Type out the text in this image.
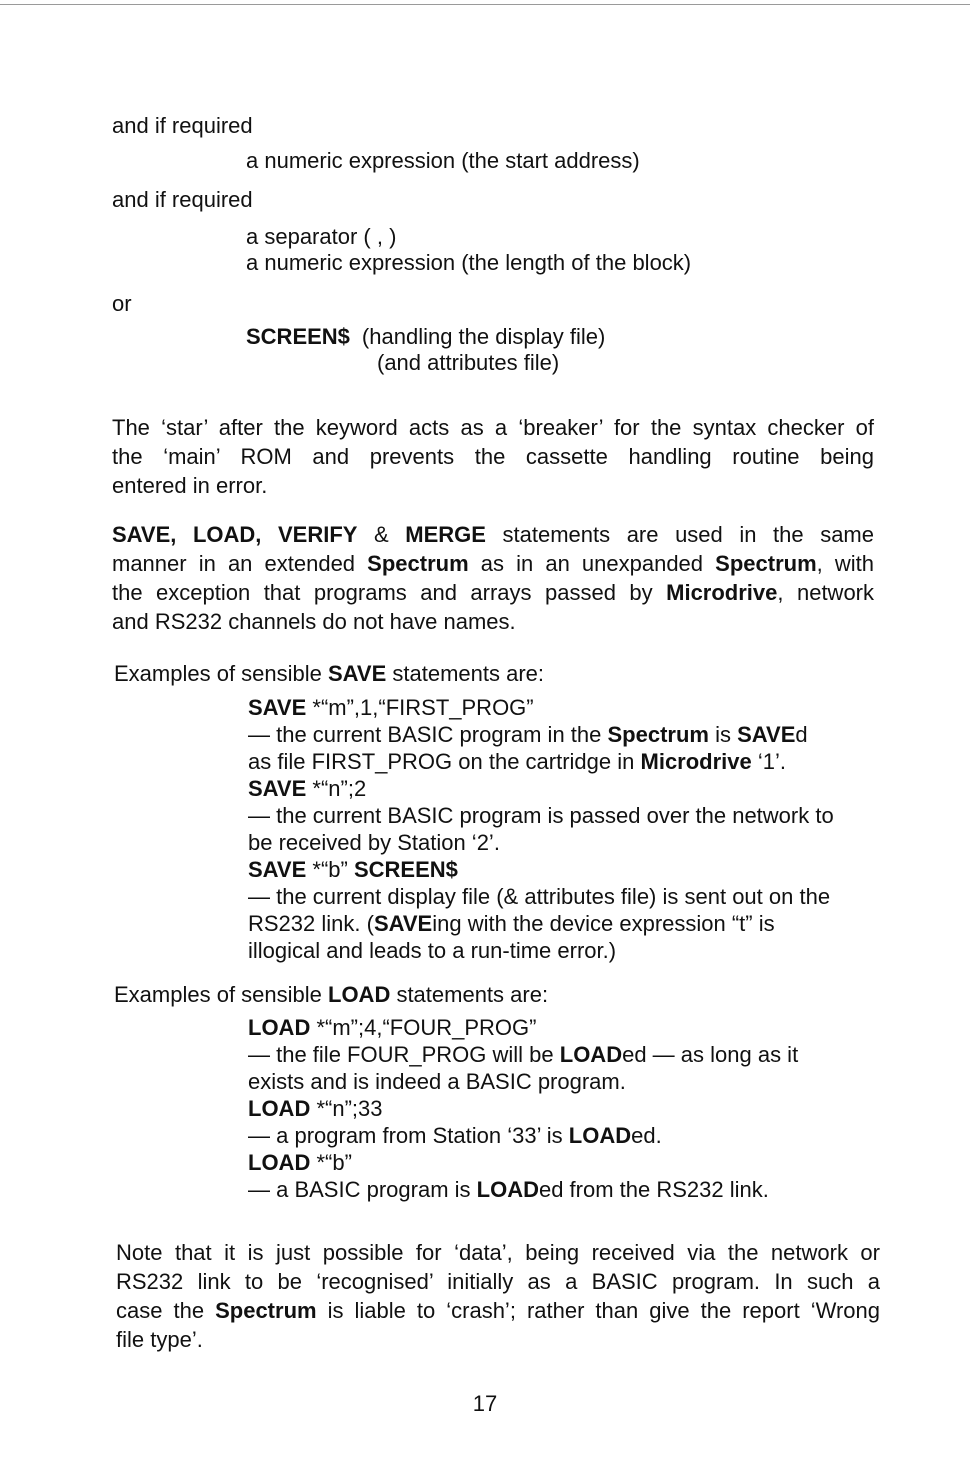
and if required
a numeric expression (the start address)
and if required
a separator ( , )
a numeric expression (the length of the block)
or
SCREEN$ (handling the display file)
(and attributes file)
The ‘star’ after the keyword acts as a ‘breaker’ for the syntax checker of
the ‘main’ ROM and prevents the cassette handling routine being
entered in error.
SAVE, LOAD, VERIFY & MERGE statements are used in the same
manner in an extended Spectrum as in an unexpanded Spectrum, with
the exception that programs and arrays passed by Microdrive, network
and RS232 channels do not have names.
Examples of sensible SAVE statements are:
SAVE *“m”,1,“FIRST_PROG”
— the current BASIC program in the Spectrum is SAVEd
as file FIRST_PROG on the cartridge in Microdrive ‘1’.
SAVE *“n”;2
— the current BASIC program is passed over the network to
be received by Station ‘2’.
SAVE *“b” SCREEN$
— the current display file (& attributes file) is sent out on the
RS232 link. (SAVEing with the device expression “t” is
illogical and leads to a run-time error.)
Examples of sensible LOAD statements are:
LOAD *“m”;4,“FOUR_PROG”
— the file FOUR_PROG will be LOADed — as long as it
exists and is indeed a BASIC program.
LOAD *“n”;33
— a program from Station ‘33’ is LOADed.
LOAD *“b”
— a BASIC program is LOADed from the RS232 link.
Note that it is just possible for ‘data’, being received via the network or
RS232 link to be ‘recognised’ initially as a BASIC program. In such a
case the Spectrum is liable to ‘crash’; rather than give the report ‘Wrong
file type’.
17
